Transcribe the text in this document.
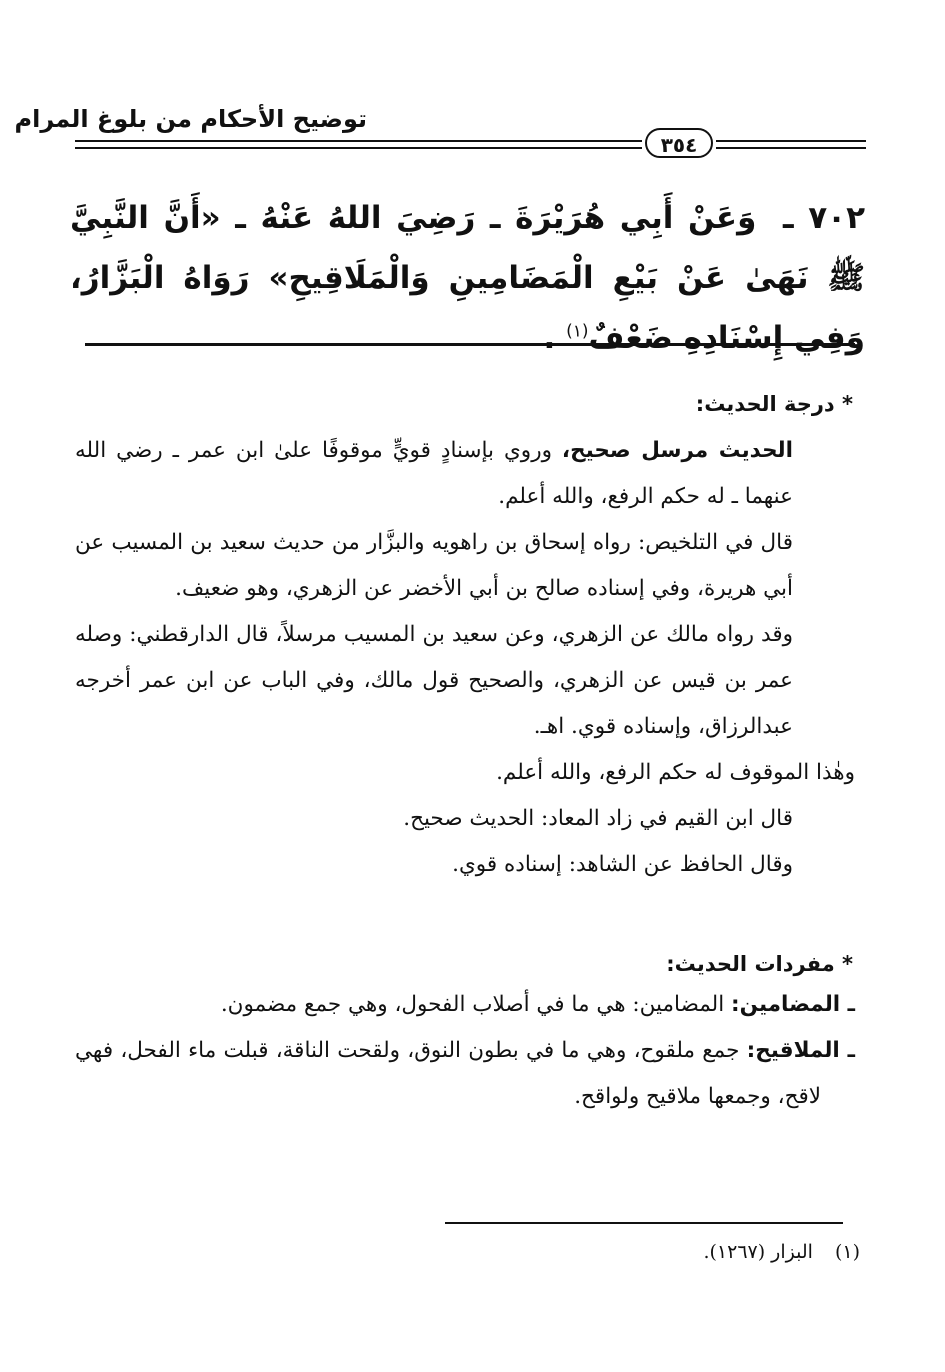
توضيح الأحكام من بلوغ المرام
٣٥٤
٧٠٢ ـ وَعَنْ أَبِي هُرَيْرَةَ ـ رَضِيَ اللهُ عَنْهُ ـ «أَنَّ النَّبِيَّ ﷺ نَهَىٰ عَنْ بَيْعِ الْمَضَامِينِ وَالْمَلَاقِيحِ» رَوَاهُ الْبَزَّارُ، وَفِي إِسْنَادِهِ ضَعْفٌ$^{(١)}$ .
* درجة الحديث:

الحديث مرسل صحيح، وروي بإسنادٍ قويٍّ موقوفًا علىٰ ابن عمر ـ رضي الله عنهما ـ له حكم الرفع، والله أعلم.

قال في التلخيص: رواه إسحاق بن راهويه والبزَّار من حديث سعيد بن المسيب عن أبي هريرة، وفي إسناده صالح بن أبي الأخضر عن الزهري، وهو ضعيف.

وقد رواه مالك عن الزهري، وعن سعيد بن المسيب مرسلاً، قال الدارقطني: وصله عمر بن قيس عن الزهري، والصحيح قول مالك، وفي الباب عن ابن عمر أخرجه عبدالرزاق، وإسناده قوي. اهـ.

وهٰذا الموقوف له حكم الرفع، والله أعلم.

قال ابن القيم في زاد المعاد: الحديث صحيح.

وقال الحافظ عن الشاهد: إسناده قوي.

* مفردات الحديث:

ـ المضامين: المضامين: هي ما في أصلاب الفحول، وهي جمع مضمون.

ـ الملاقيح: جمع ملقوح، وهي ما في بطون النوق، ولقحت الناقة، قبلت ماء الفحل، فهي لاقح، وجمعها ملاقيح ولواقح.

(١)البزار (١٢٦٧).
